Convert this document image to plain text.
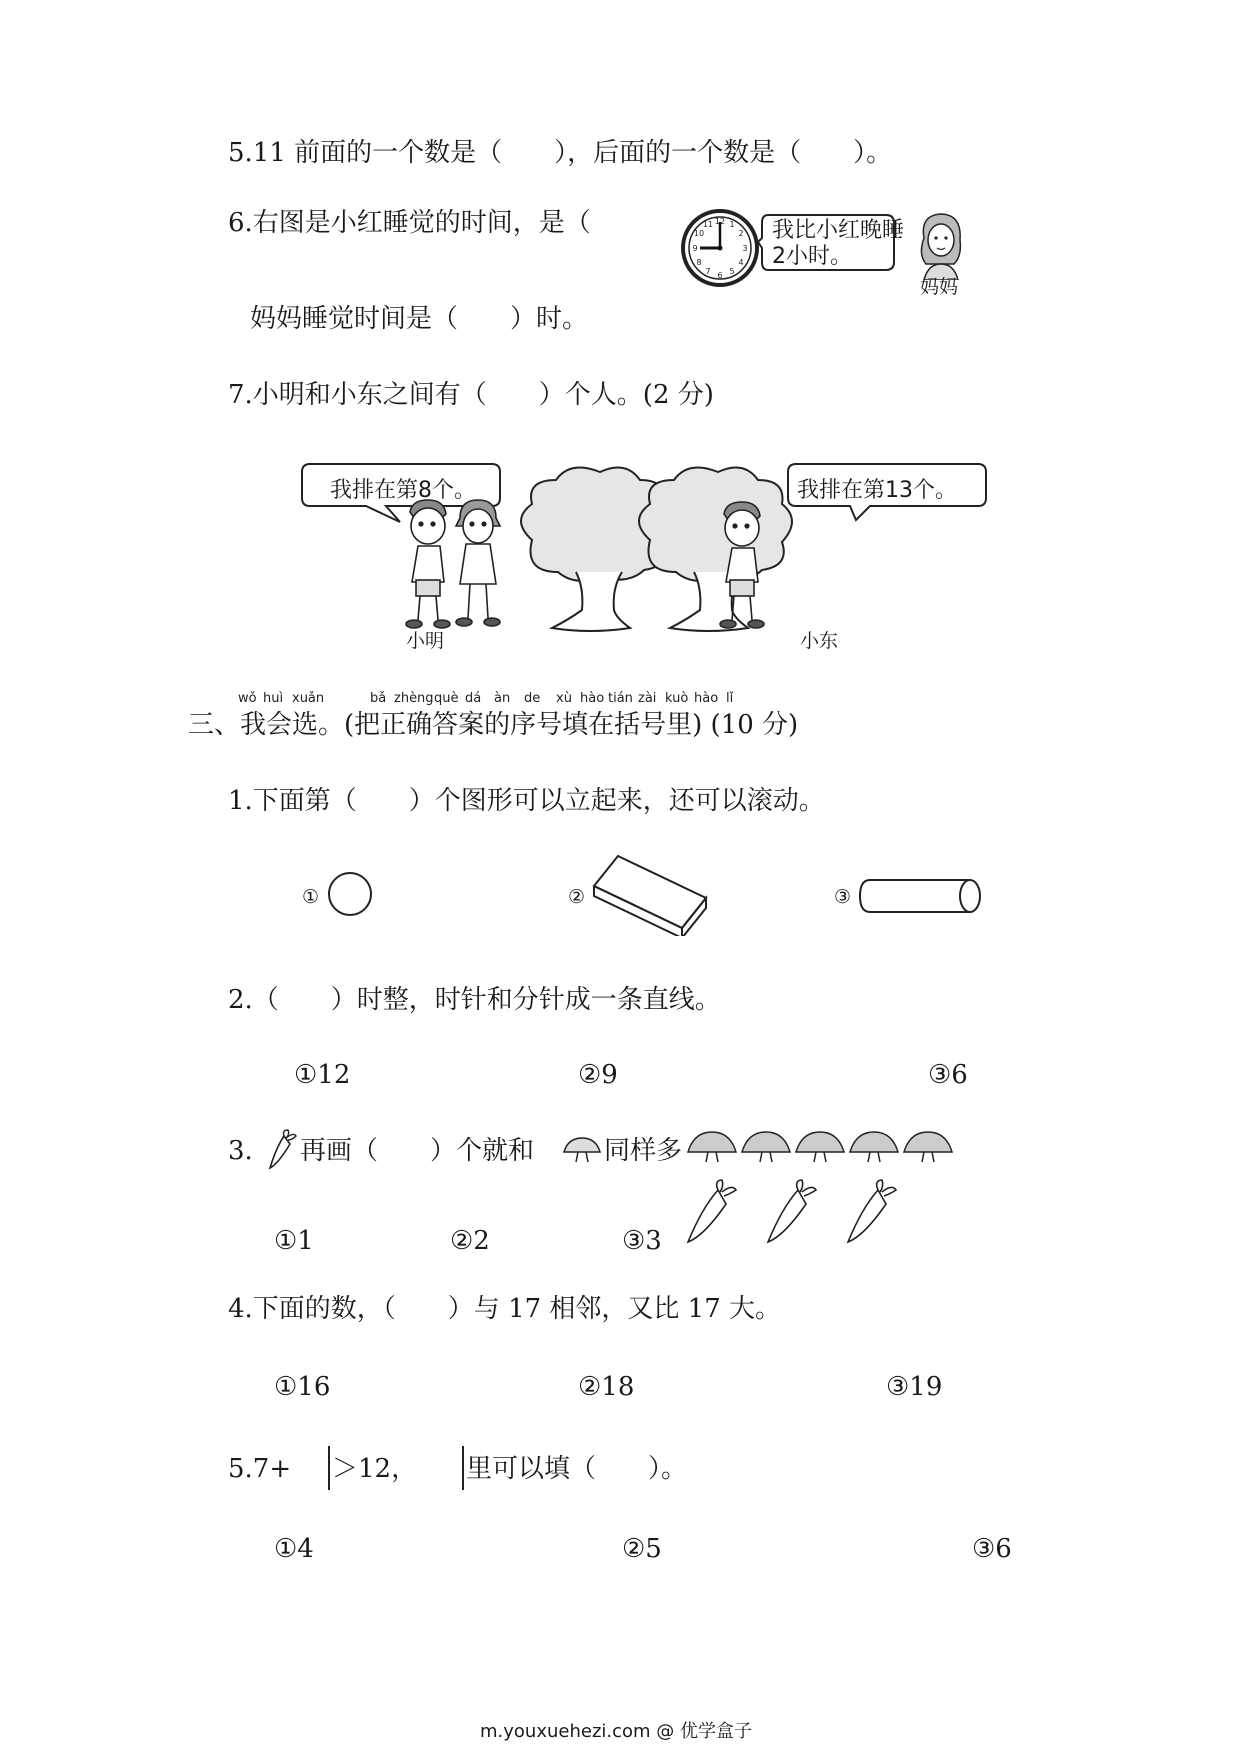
5.11 前面的一个数是（　　），后面的一个数是（　　）。
6.右图是小红睡觉的时间，是（	12 1
2
3
4
5
6
7
8
9
10
11	我比小红晚睡
2小时。
妈妈
妈妈睡觉时间是（　　）时。
7.小明和小东之间有（　　）个人。(2 分)
我排在第8个。	我排在第13个。
小明	小东
wǒ huì xuǎn	bǎ zhèng què dá àn de xù hào tián zài kuò hào lǐ
三、我会选。(把正确答案的序号填在括号里) (10 分)
1.下面第（　　）个图形可以立起来，还可以滚动。
①	②	③
2.（　　）时整，时针和分针成一条直线。
①12	②9	③6
3. 再画（　　）个就和	同样多
①1	②2	③3
4.下面的数，（　　）与 17 相邻，又比 17 大。
①16	②18	③19
5.7+ ＞12， 里可以填（　　）。
①4	②5	③6
m.youxuehezi.com @ 优学盒子
